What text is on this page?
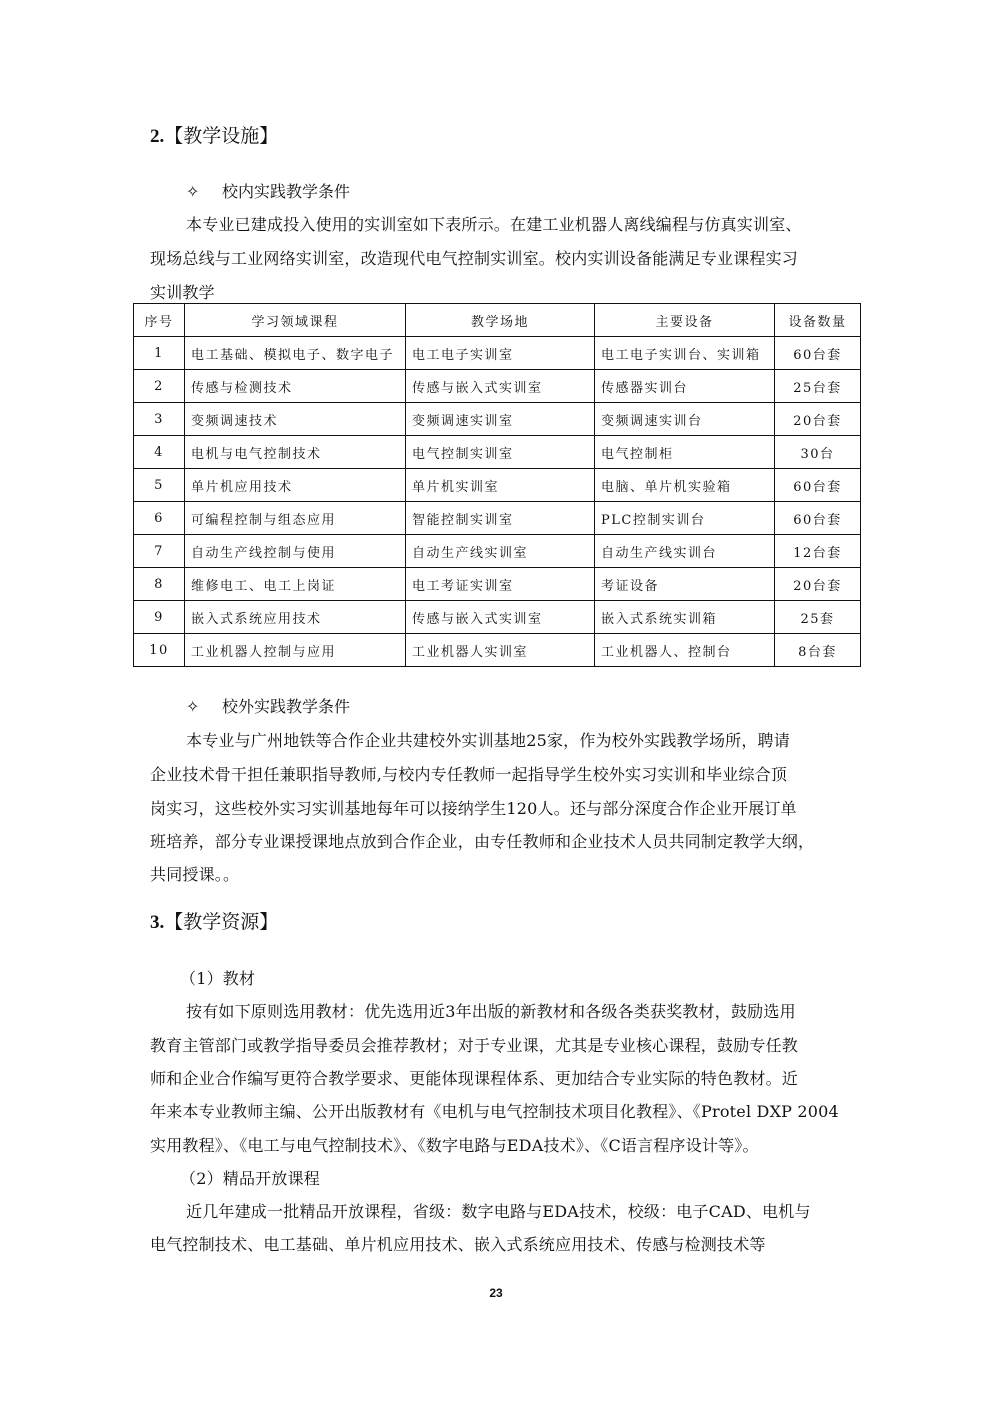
2.【教学设施】
✧ 校内实践教学条件
本专业已建成投入使用的实训室如下表所示。在建工业机器人离线编程与仿真实训室、
现场总线与工业网络实训室，改造现代电气控制实训室。校内实训设备能满足专业课程实习
实训教学
序号	学习领域课程	教学场地	主要设备	设备数量
1	电工基础、模拟电子、数字电子	电工电子实训室	电工电子实训台、实训箱	60台套
2	传感与检测技术	传感与嵌入式实训室	传感器实训台	25台套
3	变频调速技术	变频调速实训室	变频调速实训台	20台套
4	电机与电气控制技术	电气控制实训室	电气控制柜	30台
5	单片机应用技术	单片机实训室	电脑、单片机实验箱	60台套
6	可编程控制与组态应用	智能控制实训室	PLC控制实训台	60台套
7	自动生产线控制与使用	自动生产线实训室	自动生产线实训台	12台套
8	维修电工、电工上岗证	电工考证实训室	考证设备	20台套
9	嵌入式系统应用技术	传感与嵌入式实训室	嵌入式系统实训箱	25套
10	工业机器人控制与应用	工业机器人实训室	工业机器人、控制台	8台套
✧ 校外实践教学条件
本专业与广州地铁等合作企业共建校外实训基地25家，作为校外实践教学场所，聘请
企业技术骨干担任兼职指导教师,与校内专任教师一起指导学生校外实习实训和毕业综合顶
岗实习，这些校外实习实训基地每年可以接纳学生120人。还与部分深度合作企业开展订单
班培养，部分专业课授课地点放到合作企业，由专任教师和企业技术人员共同制定教学大纲，
共同授课。。
3.【教学资源】
（1）教材
按有如下原则选用教材：优先选用近3年出版的新教材和各级各类获奖教材，鼓励选用
教育主管部门或教学指导委员会推荐教材；对于专业课，尤其是专业核心课程，鼓励专任教
师和企业合作编写更符合教学要求、更能体现课程体系、更加结合专业实际的特色教材。近
年来本专业教师主编、公开出版教材有《电机与电气控制技术项目化教程》、《Protel DXP 2004
实用教程》、《电工与电气控制技术》、《数字电路与EDA技术》、《C语言程序设计等》。
（2）精品开放课程
近几年建成一批精品开放课程，省级：数字电路与EDA技术，校级：电子CAD、电机与
电气控制技术、电工基础、单片机应用技术、嵌入式系统应用技术、传感与检测技术等
23
